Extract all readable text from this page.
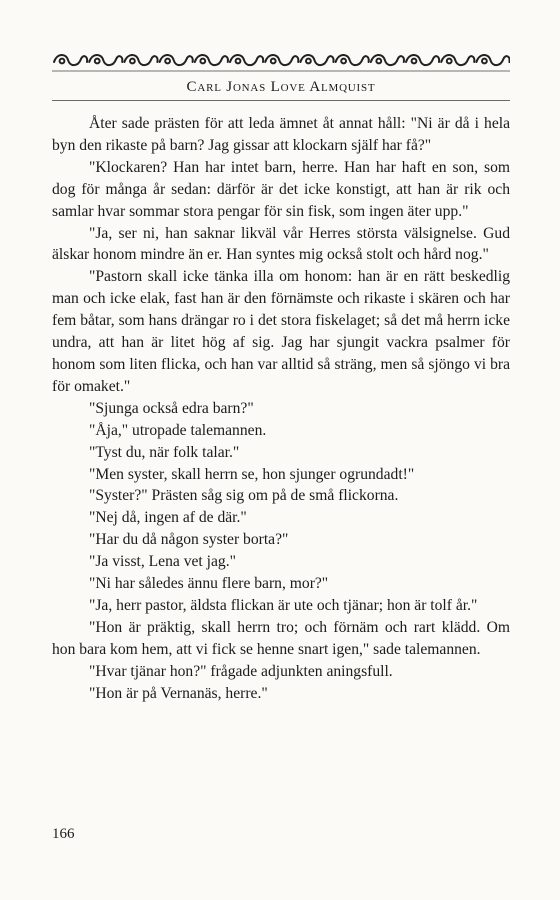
Carl Jonas Love Almquist

Åter sade prästen för att leda ämnet åt annat håll: "Ni är då i hela byn den rikaste på barn? Jag gissar att klockarn själf har få?"

"Klockaren? Han har intet barn, herre. Han har haft en son, som dog för många år sedan: därför är det icke konstigt, att han är rik och samlar hvar sommar stora pengar för sin fisk, som ingen äter upp."

"Ja, ser ni, han saknar likväl vår Herres största välsignelse. Gud älskar honom mindre än er. Han syntes mig också stolt och hård nog."

"Pastorn skall icke tänka illa om honom: han är en rätt beskedlig man och icke elak, fast han är den förnämste och rikaste i skären och har fem båtar, som hans drängar ro i det stora fiskelaget; så det må herrn icke undra, att han är litet hög af sig. Jag har sjungit vackra psalmer för honom som liten flicka, och han var alltid så sträng, men så sjöngo vi bra för omaket."

"Sjunga också edra barn?"

"Åja," utropade talemannen.

"Tyst du, när folk talar."

"Men syster, skall herrn se, hon sjunger ogrundadt!"

"Syster?" Prästen såg sig om på de små flickorna.

"Nej då, ingen af de där."

"Har du då någon syster borta?"

"Ja visst, Lena vet jag."

"Ni har således ännu flere barn, mor?"

"Ja, herr pastor, äldsta flickan är ute och tjänar; hon är tolf år."

"Hon är präktig, skall herrn tro; och förnäm och rart klädd. Om hon bara kom hem, att vi fick se henne snart igen," sade talemannen.

"Hvar tjänar hon?" frågade adjunkten aningsfull.

"Hon är på Vernanäs, herre."

166
